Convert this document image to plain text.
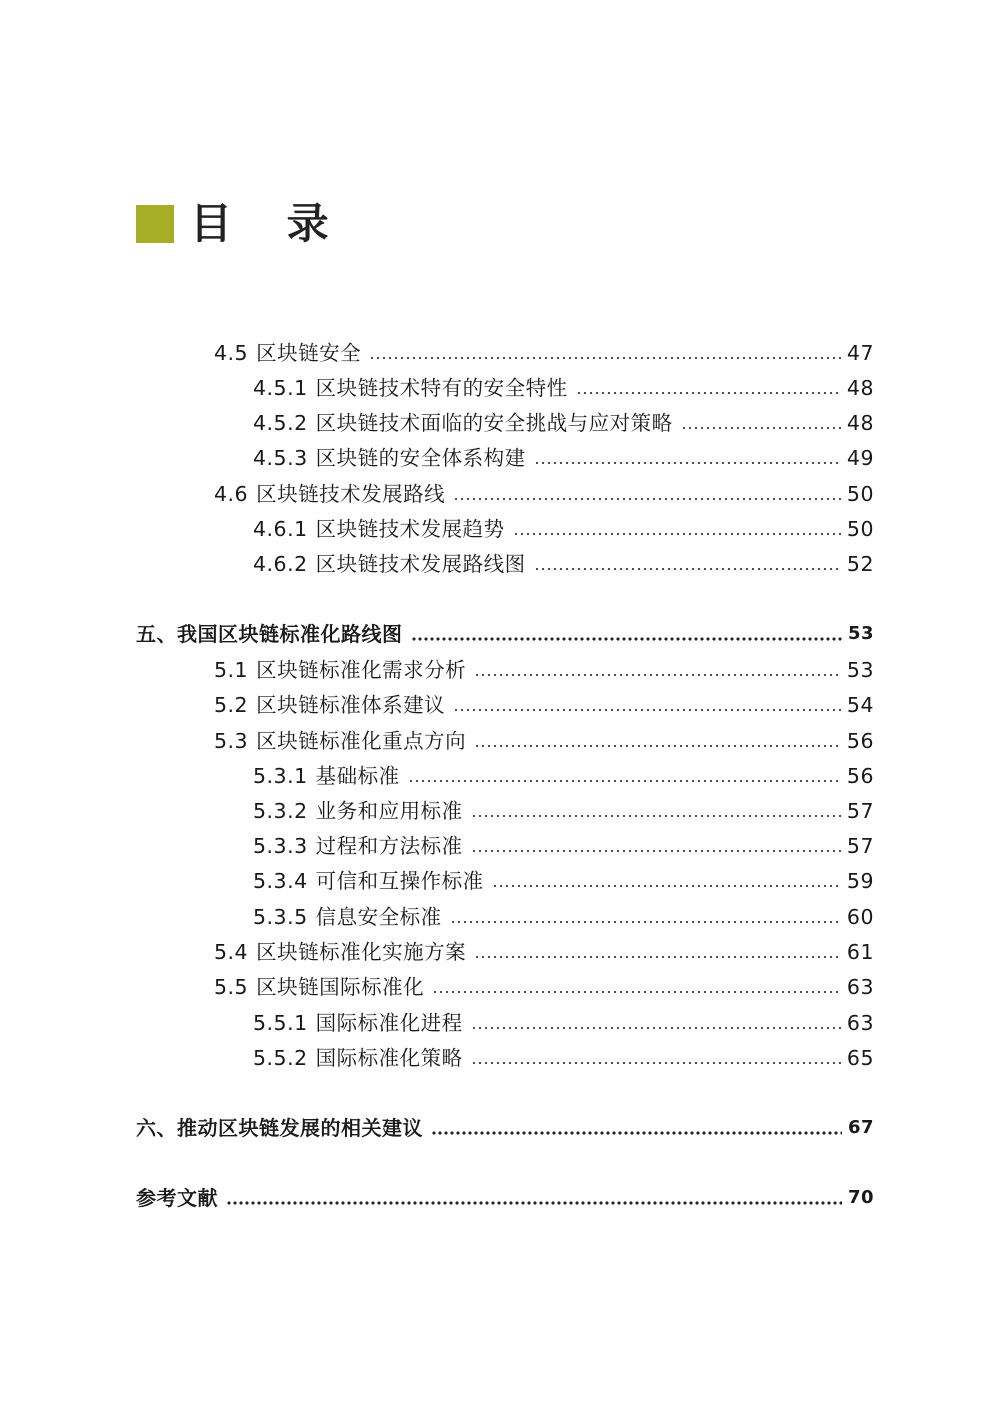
目 录
4.5 区块链安全	47
4.5.1 区块链技术特有的安全特性	48
4.5.2 区块链技术面临的安全挑战与应对策略	48
4.5.3 区块链的安全体系构建	49
4.6 区块链技术发展路线	50
4.6.1 区块链技术发展趋势	50
4.6.2 区块链技术发展路线图	52
五、我国区块链标准化路线图	53
5.1 区块链标准化需求分析	53
5.2 区块链标准体系建议	54
5.3 区块链标准化重点方向	56
5.3.1 基础标准	56
5.3.2 业务和应用标准	57
5.3.3 过程和方法标准	57
5.3.4 可信和互操作标准	59
5.3.5 信息安全标准	60
5.4 区块链标准化实施方案	61
5.5 区块链国际标准化	63
5.5.1 国际标准化进程	63
5.5.2 国际标准化策略	65
六、推动区块链发展的相关建议	67
参考文献	70
